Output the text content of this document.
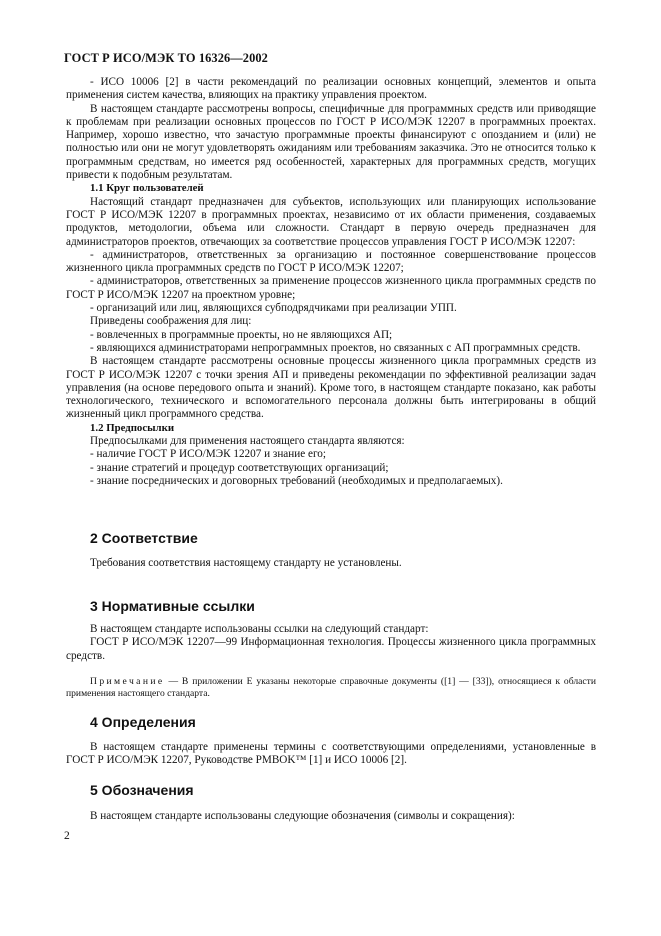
ГОСТ Р ИСО/МЭК ТО 16326—2002

- ИСО 10006 [2] в части рекомендаций по реализации основных концепций, элементов и опыта применения систем качества, влияющих на практику управления проектом.

В настоящем стандарте рассмотрены вопросы, специфичные для программных средств или приводящие к проблемам при реализации основных процессов по ГОСТ Р ИСО/МЭК 12207 в программных проектах. Например, хорошо известно, что зачастую программные проекты финансируют с опозданием и (или) не полностью или они не могут удовлетворять ожиданиям или требованиям заказчика. Это не относится только к программным средствам, но имеется ряд особенностей, характерных для программных средств, могущих привести к подобным результатам.

1.1 Круг пользователей

Настоящий стандарт предназначен для субъектов, использующих или планирующих использование ГОСТ Р ИСО/МЭК 12207 в программных проектах, независимо от их области применения, создаваемых продуктов, методологии, объема или сложности. Стандарт в первую очередь предназначен для администраторов проектов, отвечающих за соответствие процессов управления ГОСТ Р ИСО/МЭК 12207:

- администраторов, ответственных за организацию и постоянное совершенствование процессов жизненного цикла программных средств по ГОСТ Р ИСО/МЭК 12207;

- администраторов, ответственных за применение процессов жизненного цикла программных средств по ГОСТ Р ИСО/МЭК 12207 на проектном уровне;

- организаций или лиц, являющихся субподрядчиками при реализации УПП.

Приведены соображения для лиц:

- вовлеченных в программные проекты, но не являющихся АП;

- являющихся администраторами непрограммных проектов, но связанных с АП программных средств.

В настоящем стандарте рассмотрены основные процессы жизненного цикла программных средств из ГОСТ Р ИСО/МЭК 12207 с точки зрения АП и приведены рекомендации по эффективной реализации задач управления (на основе передового опыта и знаний). Кроме того, в настоящем стандарте показано, как работы технологического, технического и вспомогательного персонала должны быть интегрированы в общий жизненный цикл программного средства.

1.2 Предпосылки

Предпосылками для применения настоящего стандарта являются:

- наличие ГОСТ Р ИСО/МЭК 12207 и знание его;

- знание стратегий и процедур соответствующих организаций;

- знание посреднических и договорных требований (необходимых и предполагаемых).

2 Соответствие
Требования соответствия настоящему стандарту не установлены.
3 Нормативные ссылки

В настоящем стандарте использованы ссылки на следующий стандарт:

ГОСТ Р ИСО/МЭК 12207—99 Информационная технология. Процессы жизненного цикла программных средств.

Примечание — В приложении Е указаны некоторые справочные документы ([1] — [33]), относящиеся к области применения настоящего стандарта.
4 Определения

В настоящем стандарте применены термины с соответствующими определениями, установленные в ГОСТ Р ИСО/МЭК 12207, Руководстве PMBOK™ [1] и ИСО 10006 [2].

5 Обозначения

В настоящем стандарте использованы следующие обозначения (символы и сокращения):

2
